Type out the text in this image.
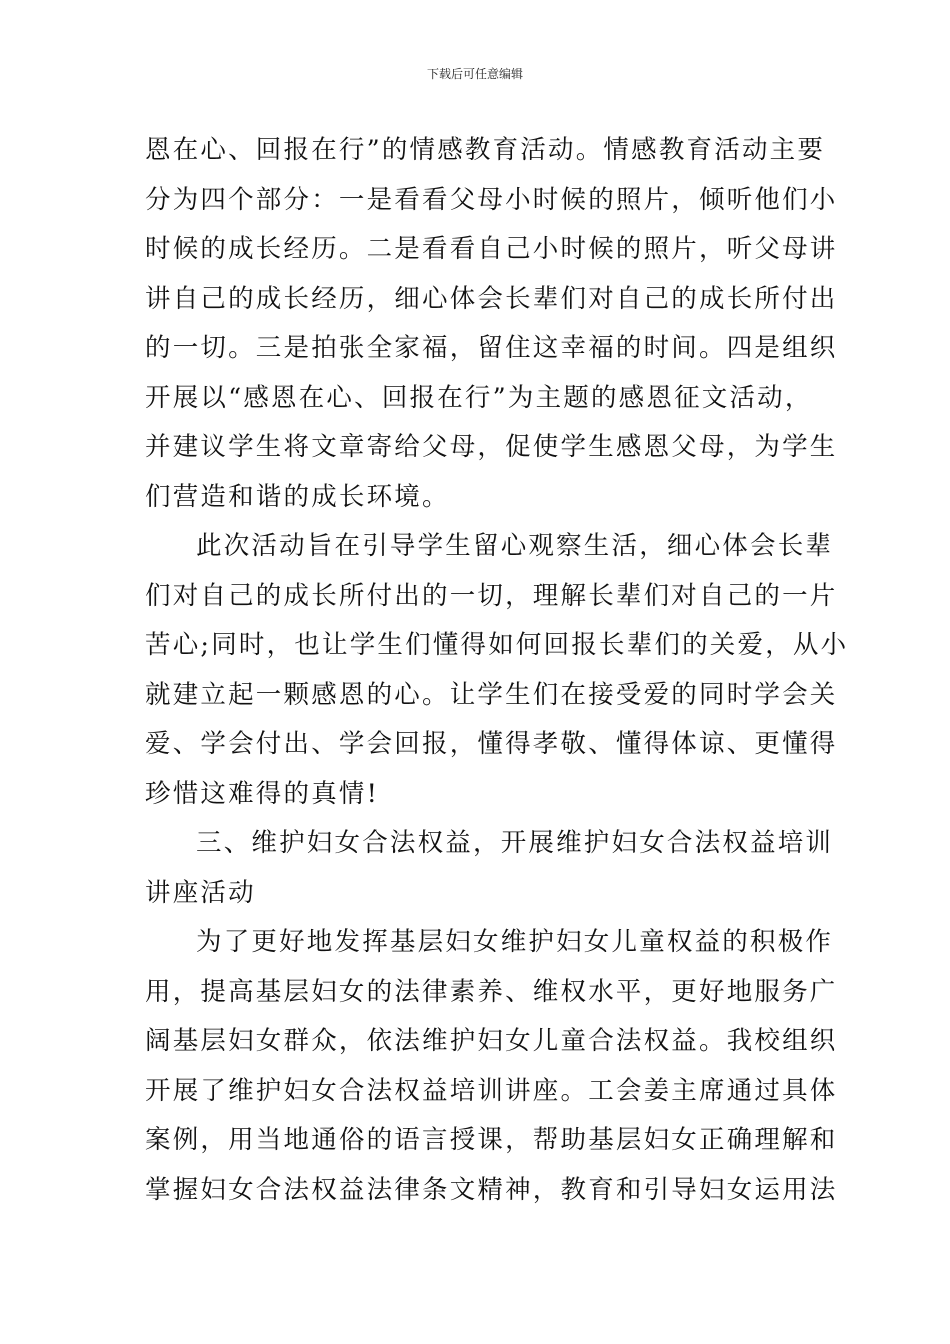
下载后可任意编辑
恩在心、回报在行”的情感教育活动。情感教育活动主要
分为四个部分：一是看看父母小时候的照片，倾听他们小
时候的成长经历。二是看看自己小时候的照片，听父母讲
讲自己的成长经历，细心体会长辈们对自己的成长所付出
的一切。三是拍张全家福，留住这幸福的时间。四是组织
开展以“感恩在心、回报在行”为主题的感恩征文活动，
并建议学生将文章寄给父母，促使学生感恩父母，为学生
们营造和谐的成长环境。
此次活动旨在引导学生留心观察生活，细心体会长辈
们对自己的成长所付出的一切，理解长辈们对自己的一片
苦心;同时，也让学生们懂得如何回报长辈们的关爱，从小
就建立起一颗感恩的心。让学生们在接受爱的同时学会关
爱、学会付出、学会回报，懂得孝敬、懂得体谅、更懂得
珍惜这难得的真情!
三、维护妇女合法权益，开展维护妇女合法权益培训
讲座活动
为了更好地发挥基层妇女维护妇女儿童权益的积极作
用，提高基层妇女的法律素养、维权水平，更好地服务广
阔基层妇女群众，依法维护妇女儿童合法权益。我校组织
开展了维护妇女合法权益培训讲座。工会姜主席通过具体
案例，用当地通俗的语言授课，帮助基层妇女正确理解和
掌握妇女合法权益法律条文精神，教育和引导妇女运用法
